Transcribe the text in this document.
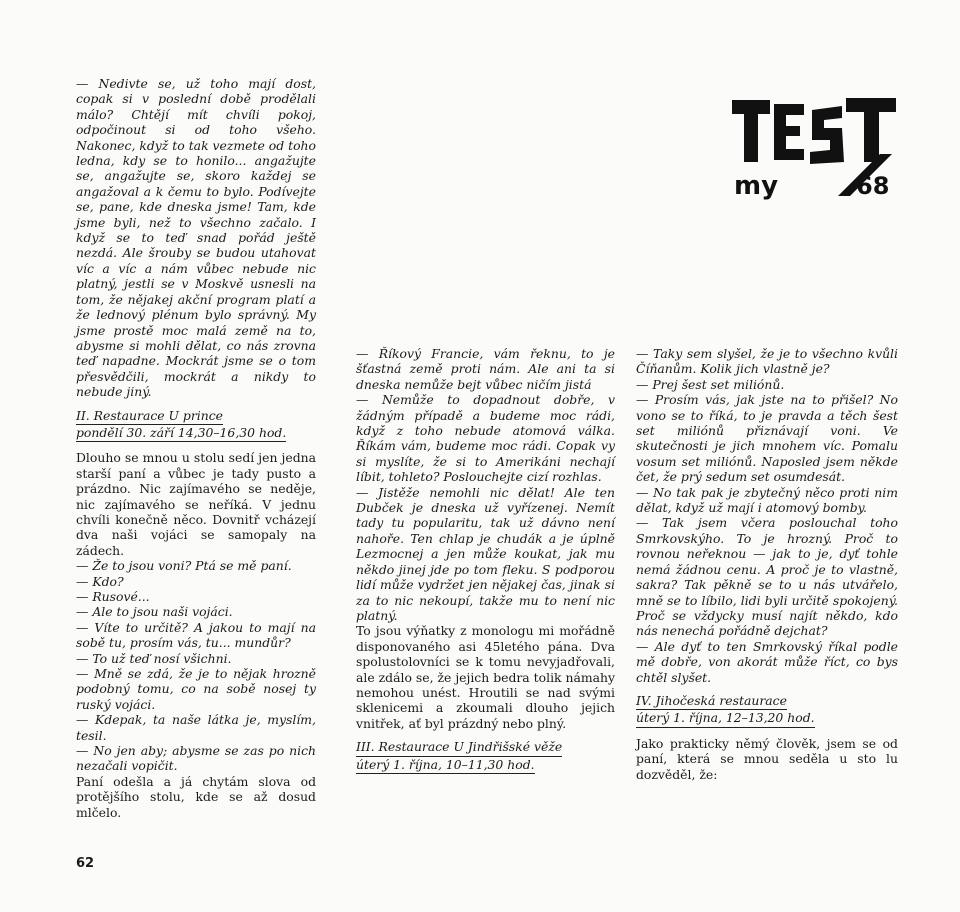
my	68

— Nedivte se, už toho mají dost, copak si v poslední době prodělali málo? Chtějí mít chvíli pokoj, odpočinout si od toho všeho. Nakonec, když to tak vezmete od toho ledna, kdy se to honilo... angažujte se, angažujte se, skoro každej se angažoval a k čemu to bylo. Podívejte se, pane, kde dneska jsme! Tam, kde jsme byli, než to všechno začalo. I když se to teď snad pořád ještě nezdá. Ale šrouby se budou utahovat víc a víc a nám vůbec nebude nic platný, jestli se v Moskvě usnesli na tom, že nějakej akční program platí a že lednový plénum bylo správný. My jsme prostě moc malá země na to, abysme si mohli dělat, co nás zrovna teď napadne. Mockrát jsme se o tom přesvědčili, mockrát a nikdy to nebude jiný.

II. Restaurace U prince

pondělí 30. září 14,30–16,30 hod.

Dlouho se mnou u stolu sedí jen jedna starší paní a vůbec je tady pusto a prázdno. Nic zajímavého se neděje, nic zajímavého se neříká. V jednu chvíli konečně něco. Dovnitř vcházejí dva naši vojáci se samopaly na zádech.

— Že to jsou voni? Ptá se mě paní.

— Kdo?

— Rusové...

— Ale to jsou naši vojáci.

— Víte to určitě? A jakou to mají na sobě tu, prosím vás, tu... mundůr?

— To už teď nosí všichni.

— Mně se zdá, že je to nějak hrozně podobný tomu, co na sobě nosej ty ruský vojáci.

— Kdepak, ta naše látka je, myslím, tesil.

— No jen aby; abysme se zas po nich nezačali vopičit.

Paní odešla a já chytám slova od protějšího stolu, kde se až dosud mlčelo.

— Říkový Francie, vám řeknu, to je šťastná země proti nám. Ale ani ta si dneska nemůže bejt vůbec ničím jistá

— Nemůže to dopadnout dobře, v žádným případě a budeme moc rádi, když z toho nebude atomová válka. Říkám vám, budeme moc rádi. Copak vy si myslíte, že si to Amerikáni nechají líbit, tohleto? Poslouchejte cizí rozhlas.

— Jistěže nemohli nic dělat! Ale ten Dubček je dneska už vyřízenej. Nemít tady tu popularitu, tak už dávno není nahoře. Ten chlap je chudák a je úplně Lezmocnej a jen může koukat, jak mu někdo jinej jde po tom fleku. S podporou lidí může vydržet jen nějakej čas, jinak si za to nic nekoupí, takže mu to není nic platný.

To jsou výňatky z monologu mi mořádně disponovaného asi 45letého pána. Dva spolustolovníci se k tomu nevyjadřovali, ale zdálo se, že jejich bedra tolik námahy nemohou unést. Hroutili se nad svými sklenicemi a zkoumali dlouho jejich vnitřek, ať byl prázdný nebo plný.

III. Restaurace U Jindřišské věže

úterý 1. října, 10–11,30 hod.

— Taky sem slyšel, že je to všechno kvůli Číňanům. Kolik jich vlastně je?

— Prej šest set miliónů.

— Prosím vás, jak jste na to přišel? No vono se to říká, to je pravda a těch šest set miliónů přiznávají voni. Ve skutečnosti je jich mnohem víc. Pomalu vosum set miliónů. Naposled jsem někde čet, že prý sedum set osumdesát.

— No tak pak je zbytečný něco proti nim dělat, když už mají i atomový bomby.

— Tak jsem včera poslouchal toho Smrkovskýho. To je hrozný. Proč to rovnou neřeknou — jak to je, dyť tohle nemá žádnou cenu. A proč je to vlastně, sakra? Tak pěkně se to u nás utvářelo, mně se to líbilo, lidi byli určitě spokojený. Proč se vždycky musí najít někdo, kdo nás nenechá pořádně dejchat?

— Ale dyť to ten Smrkovský říkal podle mě dobře, von akorát může říct, co bys chtěl slyšet.

IV. Jihočeská restaurace

úterý 1. října, 12–13,20 hod.

Jako prakticky němý člověk, jsem se od paní, která se mnou seděla u sto lu dozvěděl, že:

62
